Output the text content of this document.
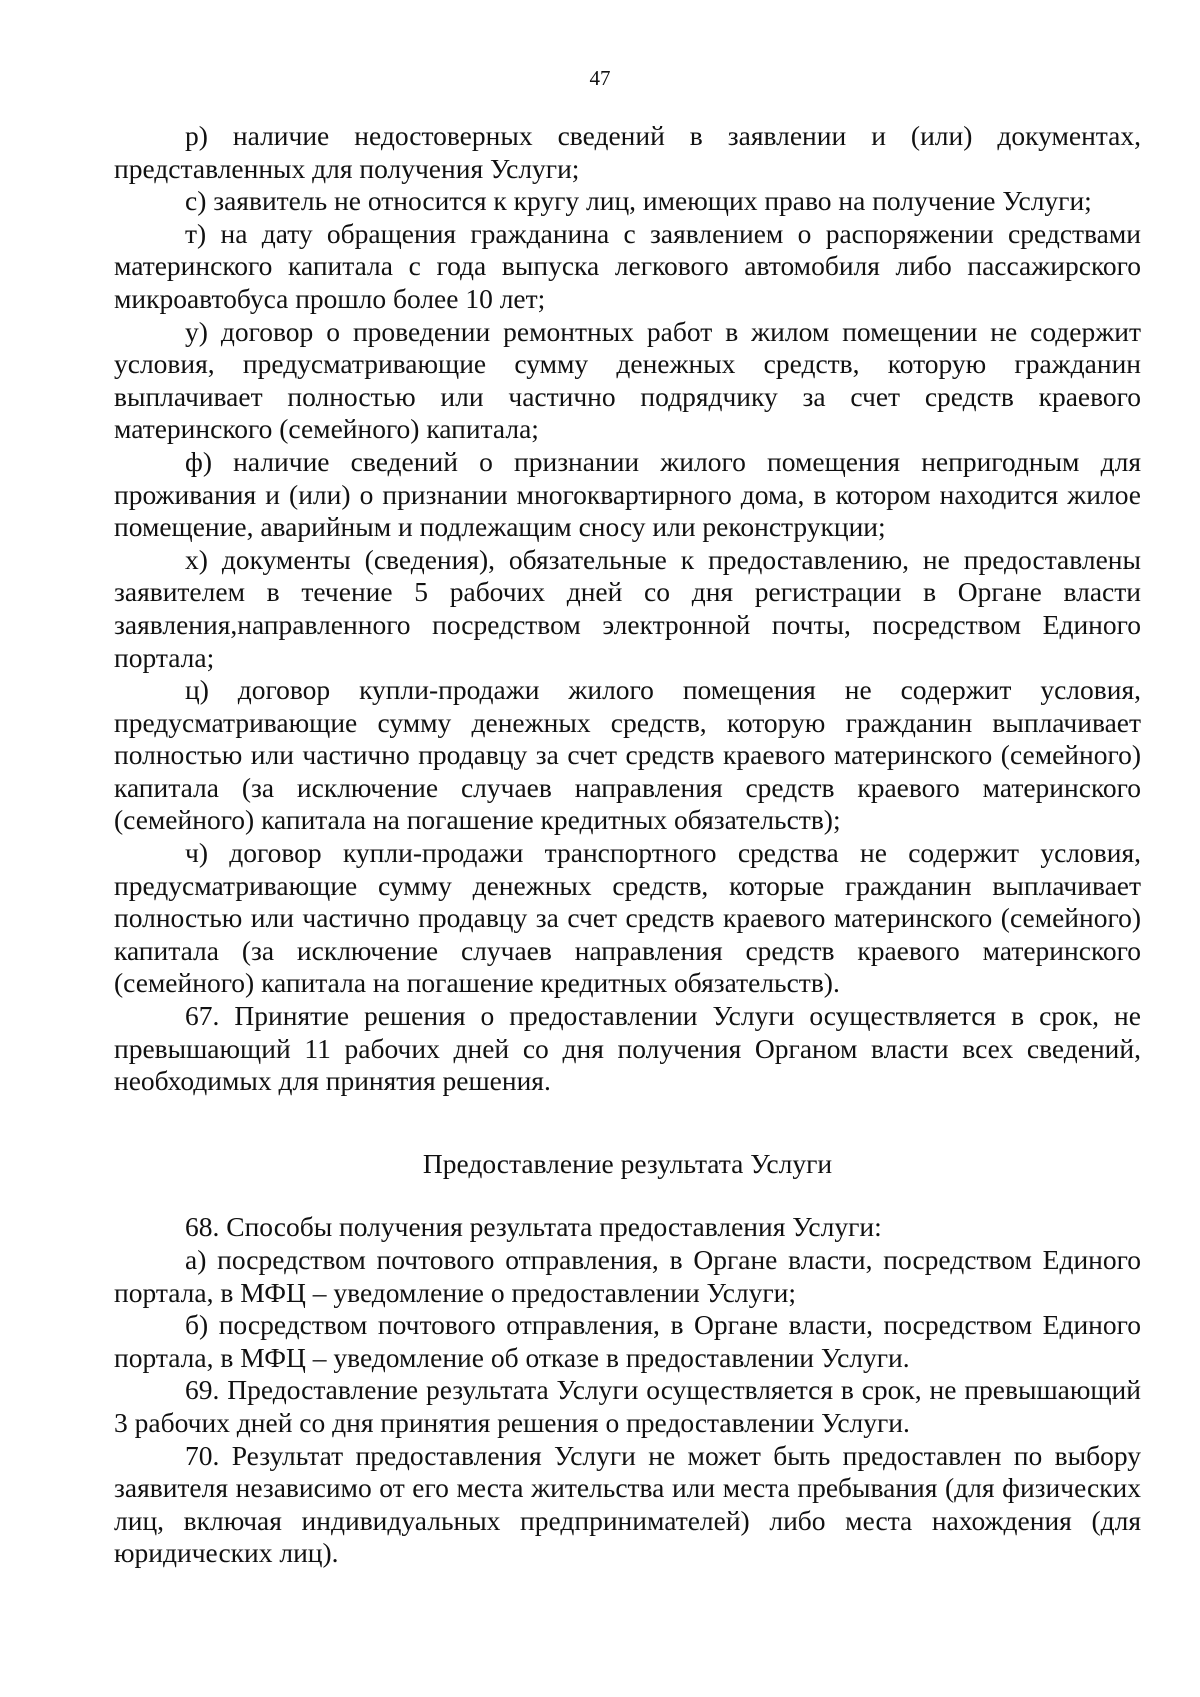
47

р) наличие недостоверных сведений в заявлении и (или) документах, представленных для получения Услуги;

с) заявитель не относится к кругу лиц, имеющих право на получение Услуги;

т) на дату обращения гражданина с заявлением о распоряжении средствами материнского капитала с года выпуска легкового автомобиля либо пассажирского микроавтобуса прошло более 10 лет;

у) договор о проведении ремонтных работ в жилом помещении не содержит условия, предусматривающие сумму денежных средств, которую гражданин выплачивает полностью или частично подрядчику за счет средств краевого материнского (семейного) капитала;

ф) наличие сведений о признании жилого помещения непригодным для проживания и (или) о признании многоквартирного дома, в котором находится жилое помещение, аварийным и подлежащим сносу или реконструкции;

х) документы (сведения), обязательные к предоставлению, не предоставлены заявителем в течение 5 рабочих дней со дня регистрации в Органе власти заявления,направленного посредством электронной почты, посредством Единого портала;

ц) договор купли-продажи жилого помещения не содержит условия, предусматривающие сумму денежных средств, которую гражданин выплачивает полностью или частично продавцу за счет средств краевого материнского (семейного) капитала (за исключение случаев направления средств краевого материнского (семейного) капитала на погашение кредитных обязательств);

ч) договор купли-продажи транспортного средства не содержит условия, предусматривающие сумму денежных средств, которые гражданин выплачивает полностью или частично продавцу за счет средств краевого материнского (семейного) капитала (за исключение случаев направления средств краевого материнского (семейного) капитала на погашение кредитных обязательств).

67. Принятие решения о предоставлении Услуги осуществляется в срок, не превышающий 11 рабочих дней со дня получения Органом власти всех сведений, необходимых для принятия решения.

Предоставление результата Услуги

68. Способы получения результата предоставления Услуги:

а) посредством почтового отправления, в Органе власти, посредством Единого портала, в МФЦ – уведомление о предоставлении Услуги;

б) посредством почтового отправления, в Органе власти, посредством Единого портала, в МФЦ – уведомление об отказе в предоставлении Услуги.

69. Предоставление результата Услуги осуществляется в срок, не превышающий 3 рабочих дней со дня принятия решения о предоставлении Услуги.

70. Результат предоставления Услуги не может быть предоставлен по выбору заявителя независимо от его места жительства или места пребывания (для физических лиц, включая индивидуальных предпринимателей) либо места нахождения (для юридических лиц).
